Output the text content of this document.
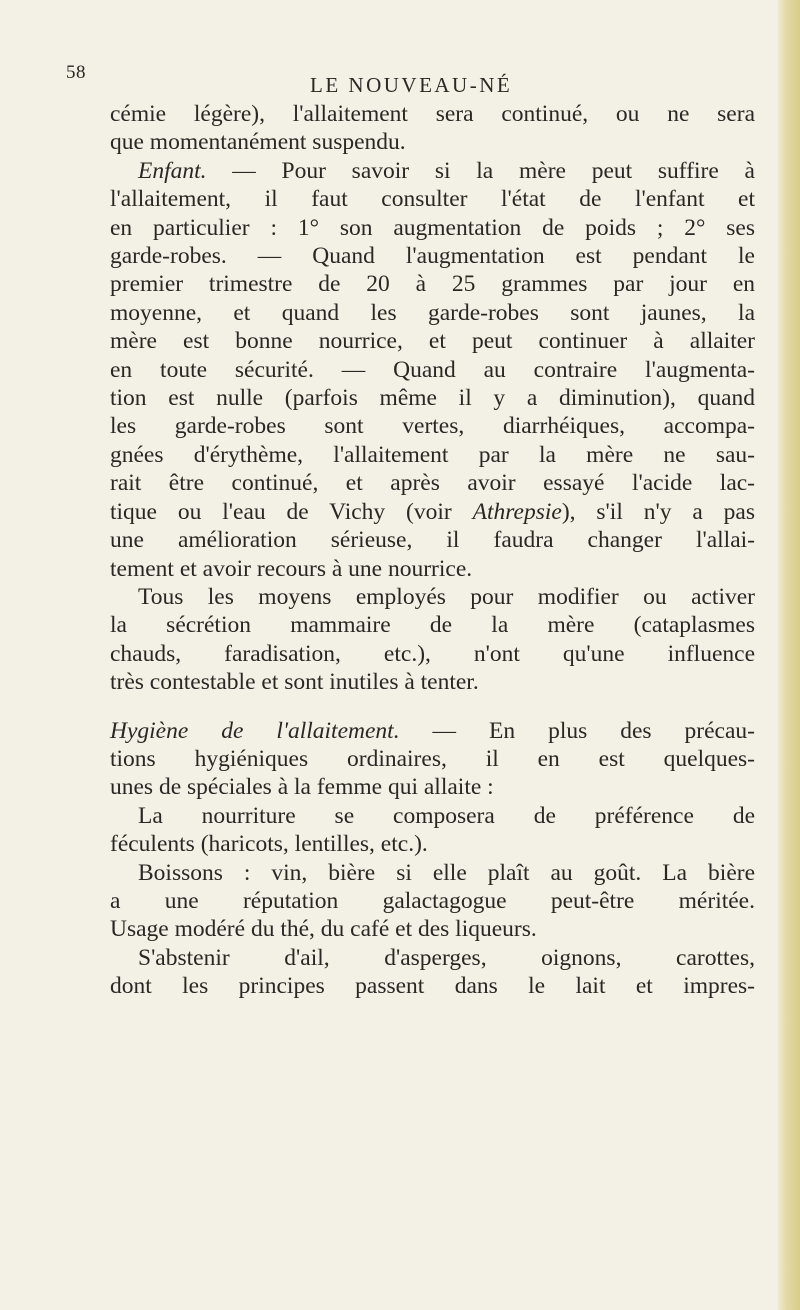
58
LE NOUVEAU-NÉ
cémie légère), l'allaitement sera continué, ou ne sera
que momentanément suspendu.
Enfant. — Pour savoir si la mère peut suffire à
l'allaitement, il faut consulter l'état de l'enfant et
en particulier : 1° son augmentation de poids ; 2° ses
garde-robes. — Quand l'augmentation est pendant le
premier trimestre de 20 à 25 grammes par jour en
moyenne, et quand les garde-robes sont jaunes, la
mère est bonne nourrice, et peut continuer à allaiter
en toute sécurité. — Quand au contraire l'augmenta-
tion est nulle (parfois même il y a diminution), quand
les garde-robes sont vertes, diarrhéiques, accompa-
gnées d'érythème, l'allaitement par la mère ne sau-
rait être continué, et après avoir essayé l'acide lac-
tique ou l'eau de Vichy (voir Athrepsie), s'il n'y a pas
une amélioration sérieuse, il faudra changer l'allai-
tement et avoir recours à une nourrice.
Tous les moyens employés pour modifier ou activer
la sécrétion mammaire de la mère (cataplasmes
chauds, faradisation, etc.), n'ont qu'une influence
très contestable et sont inutiles à tenter.
Hygiène de l'allaitement. — En plus des précau-
tions hygiéniques ordinaires, il en est quelques-
unes de spéciales à la femme qui allaite :
La nourriture se composera de préférence de
féculents (haricots, lentilles, etc.).
Boissons : vin, bière si elle plaît au goût. La bière
a une réputation galactagogue peut-être méritée.
Usage modéré du thé, du café et des liqueurs.
S'abstenir d'ail, d'asperges, oignons, carottes,
dont les principes passent dans le lait et impres-
